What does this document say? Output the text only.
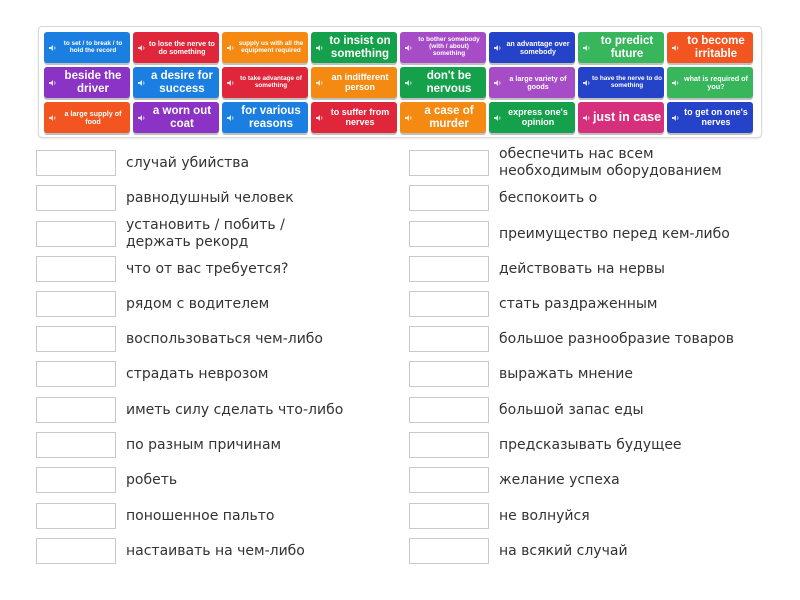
to set / to break / to hold the record
to lose the nerve to do something
supply us with all the equipment required
to insist on something
to bother somebody (with / about) something
an advantage over somebody
to predict future
to become irritable
beside the driver
a desire for success
to take advantage of something
an indifferent person
don't be nervous
a large variety of goods
to have the nerve to do something
what is required of you?
a large supply of food
a worn out coat
for various reasons
to suffer from nerves
a case of murder
express one's opinion	just in case	to get on one's nerves
случай убийства
равнодушный человек
установить / побить / держать рекорд
что от вас требуется?
рядом с водителем
воспользоваться чем-либо
страдать неврозом
иметь силу сделать что-либо
по разным причинам
робеть
поношенное пальто
настаивать на чем-либо
обеспечить нас всем необходимым оборудованием
беспокоить о
преимущество перед кем-либо
действовать на нервы
стать раздраженным
большое разнообразие товаров
выражать мнение
большой запас еды
предсказывать будущее
желание успеха
не волнуйся
на всякий случай
